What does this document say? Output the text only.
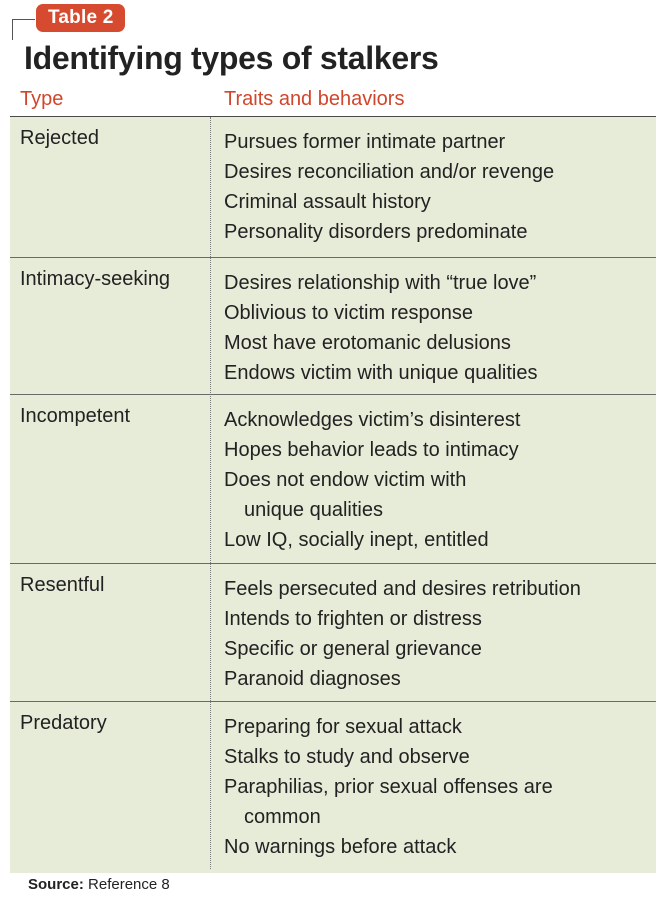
Table 2
Identifying types of stalkers
Type	Traits and behaviors
Rejected	Pursues former intimate partner
Desires reconciliation and/or revenge
Criminal assault history
Personality disorders predominate
Intimacy-seeking	Desires relationship with “true love”
Oblivious to victim response
Most have erotomanic delusions
Endows victim with unique qualities
Incompetent	Acknowledges victim’s disinterest
Hopes behavior leads to intimacy
Does not endow victim with
unique qualities
Low IQ, socially inept, entitled
Resentful	Feels persecuted and desires retribution
Intends to frighten or distress
Specific or general grievance
Paranoid diagnoses
Predatory	Preparing for sexual attack
Stalks to study and observe
Paraphilias, prior sexual offenses are
common
No warnings before attack
Source: Reference 8
